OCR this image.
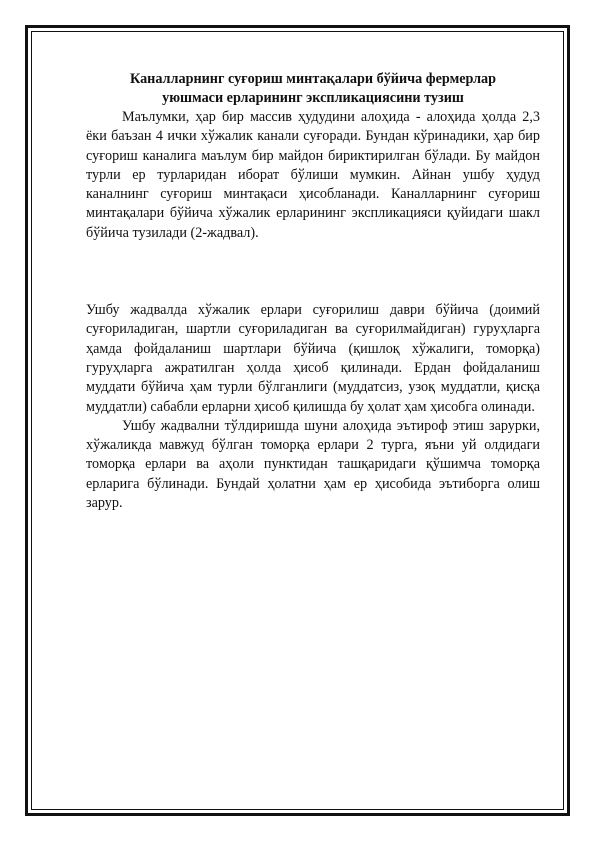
Каналларнинг суғориш минтақалари бўйича фермерлар
уюшмаси ерларининг экспликациясини тузиш

Маълумки, ҳар бир массив ҳудудини алоҳида - алоҳида ҳолда 2,3 ёки баъзан 4 ички хўжалик канали суғоради. Бундан кўринадики, ҳар бир суғориш каналига маълум бир майдон бириктирилган бўлади. Бу майдон турли ер турларидан иборат бўлиши мумкин. Айнан ушбу ҳудуд каналнинг суғориш минтақаси ҳисобланади. Каналларнинг суғориш минтақалари бўйича хўжалик ерларининг экспликацияси қуйидаги шакл бўйича тузилади (2-жадвал).

Ушбу жадвалда хўжалик ерлари суғорилиш даври бўйича (доимий суғориладиган, шартли суғориладиган ва суғорилмайдиган) гуруҳларга ҳамда фойдаланиш шартлари бўйича (қишлоқ хўжалиги, томорқа) гуруҳларга ажратилган ҳолда ҳисоб қилинади. Ердан фойдаланиш муддати бўйича ҳам турли бўлганлиги (муддатсиз, узоқ муддатли, қисқа муддатли) сабабли ерларни ҳисоб қилишда бу ҳолат ҳам ҳисобга олинади.

Ушбу жадвални тўлдиришда шуни алоҳида эътироф этиш зарурки, хўжаликда мавжуд бўлган томорқа ерлари 2 турга, яъни уй олдидаги томорқа ерлари ва аҳоли пунктидан ташқаридаги қўшимча томорқа ерларига бўлинади. Бундай ҳолатни ҳам ер ҳисобида эътиборга олиш зарур.
